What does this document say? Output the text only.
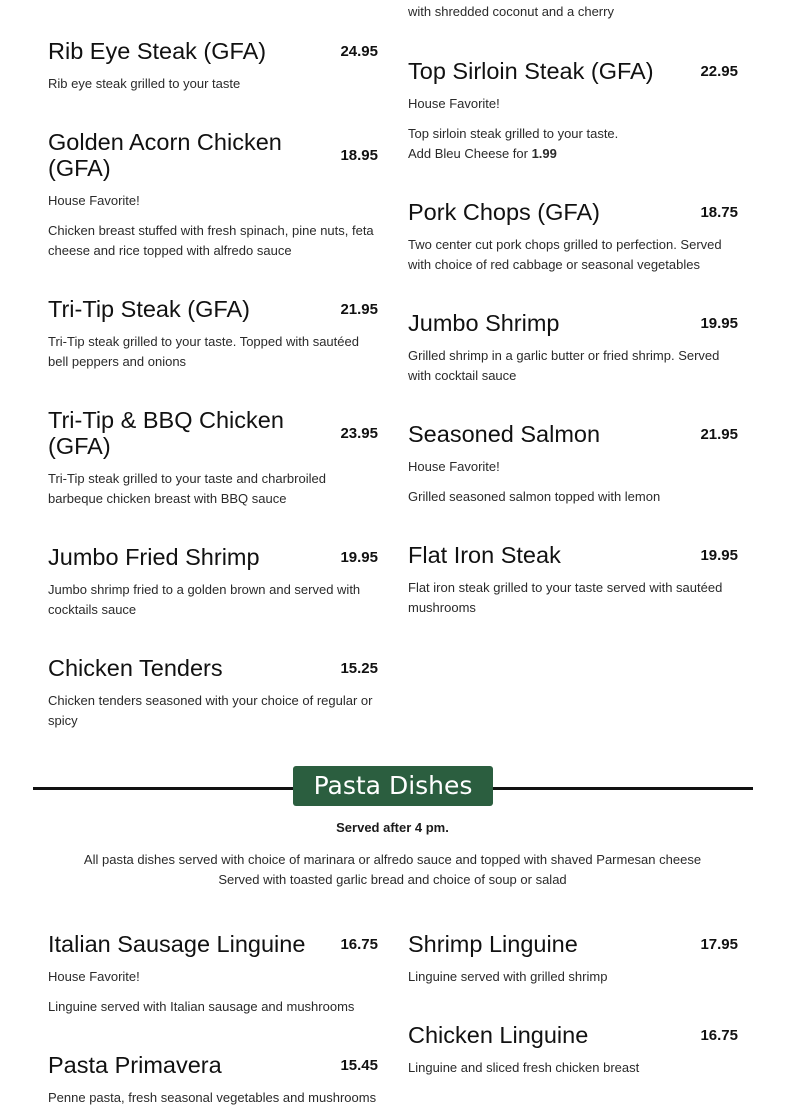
with shredded coconut and a cherry
Rib Eye Steak (GFA)	24.95

Rib eye steak grilled to your taste

Golden Acorn Chicken (GFA)	18.95

House Favorite!

Chicken breast stuffed with fresh spinach, pine nuts, feta

cheese and rice topped with alfredo sauce

Tri-Tip Steak (GFA)	21.95

Tri-Tip steak grilled to your taste. Topped with sautéed

bell peppers and onions

Tri-Tip & BBQ Chicken (GFA)	23.95

Tri-Tip steak grilled to your taste and charbroiled

barbeque chicken breast with BBQ sauce

Jumbo Fried Shrimp	19.95

Jumbo shrimp fried to a golden brown and served with

cocktails sauce

Chicken Tenders	15.25

Chicken tenders seasoned with your choice of regular or

spicy

Top Sirloin Steak (GFA)	22.95

House Favorite!

Top sirloin steak grilled to your taste.

Add Bleu Cheese for 1.99

Pork Chops (GFA)	18.75

Two center cut pork chops grilled to perfection. Served

with choice of red cabbage or seasonal vegetables

Jumbo Shrimp	19.95

Grilled shrimp in a garlic butter or fried shrimp. Served

with cocktail sauce

Seasoned Salmon	21.95

House Favorite!

Grilled seasoned salmon topped with lemon

Flat Iron Steak	19.95

Flat iron steak grilled to your taste served with sautéed

mushrooms

Pasta Dishes
Served after 4 pm.
All pasta dishes served with choice of marinara or alfredo sauce and topped with shaved Parmesan cheese
Served with toasted garlic bread and choice of soup or salad
Italian Sausage Linguine	16.75

House Favorite!

Linguine served with Italian sausage and mushrooms

Pasta Primavera	15.45

Penne pasta, fresh seasonal vegetables and mushrooms

Shrimp Linguine	17.95

Linguine served with grilled shrimp

Chicken Linguine	16.75

Linguine and sliced fresh chicken breast
